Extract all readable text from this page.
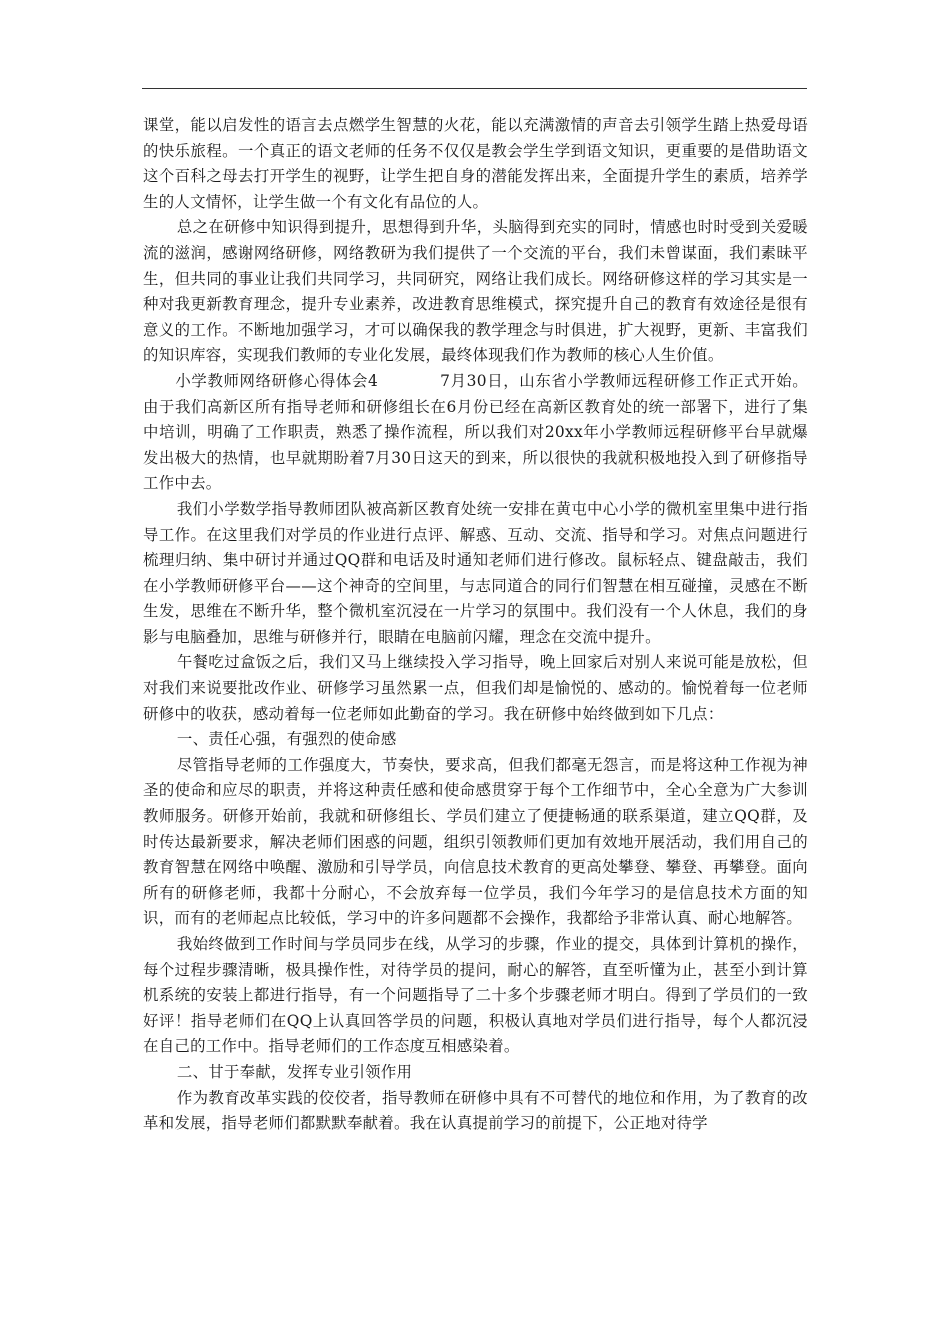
课堂，能以启发性的语言去点燃学生智慧的火花，能以充满激情的声音去引领学生踏上热爱母语的快乐旅程。一个真正的语文老师的任务不仅仅是教会学生学到语文知识，更重要的是借助语文这个百科之母去打开学生的视野，让学生把自身的潜能发挥出来，全面提升学生的素质，培养学生的人文情怀，让学生做一个有文化有品位的人。

总之在研修中知识得到提升，思想得到升华，头脑得到充实的同时，情感也时时受到关爱暖流的滋润，感谢网络研修，网络教研为我们提供了一个交流的平台，我们未曾谋面，我们素昧平生，但共同的事业让我们共同学习，共同研究，网络让我们成长。网络研修这样的学习其实是一种对我更新教育理念，提升专业素养，改进教育思维模式，探究提升自己的教育有效途径是很有意义的工作。不断地加强学习，才可以确保我的教学理念与时俱进，扩大视野，更新、丰富我们的知识库容，实现我们教师的专业化发展，最终体现我们作为教师的核心人生价值。

小学教师网络研修心得体会4	7月30日，山东省小学教师远程研修工作正式开始。由于我们高新区所有指导老师和研修组长在6月份已经在高新区教育处的统一部署下，进行了集中培训，明确了工作职责，熟悉了操作流程，所以我们对20xx年小学教师远程研修平台早就爆发出极大的热情，也早就期盼着7月30日这天的到来，所以很快的我就积极地投入到了研修指导工作中去。

我们小学数学指导教师团队被高新区教育处统一安排在黄屯中心小学的微机室里集中进行指导工作。在这里我们对学员的作业进行点评、解惑、互动、交流、指导和学习。对焦点问题进行梳理归纳、集中研讨并通过QQ群和电话及时通知老师们进行修改。鼠标轻点、键盘敲击，我们在小学教师研修平台——这个神奇的空间里，与志同道合的同行们智慧在相互碰撞，灵感在不断生发，思维在不断升华，整个微机室沉浸在一片学习的氛围中。我们没有一个人休息，我们的身影与电脑叠加，思维与研修并行，眼睛在电脑前闪耀，理念在交流中提升。

午餐吃过盒饭之后，我们又马上继续投入学习指导，晚上回家后对别人来说可能是放松，但对我们来说要批改作业、研修学习虽然累一点，但我们却是愉悦的、感动的。愉悦着每一位老师研修中的收获，感动着每一位老师如此勤奋的学习。我在研修中始终做到如下几点：

一、责任心强，有强烈的使命感

尽管指导老师的工作强度大，节奏快，要求高，但我们都毫无怨言，而是将这种工作视为神圣的使命和应尽的职责，并将这种责任感和使命感贯穿于每个工作细节中，全心全意为广大参训教师服务。研修开始前，我就和研修组长、学员们建立了便捷畅通的联系渠道，建立QQ群，及时传达最新要求，解决老师们困惑的问题，组织引领教师们更加有效地开展活动，我们用自己的教育智慧在网络中唤醒、激励和引导学员，向信息技术教育的更高处攀登、攀登、再攀登。面向所有的研修老师，我都十分耐心，不会放弃每一位学员，我们今年学习的是信息技术方面的知识，而有的老师起点比较低，学习中的许多问题都不会操作，我都给予非常认真、耐心地解答。

我始终做到工作时间与学员同步在线，从学习的步骤，作业的提交，具体到计算机的操作，每个过程步骤清晰，极具操作性，对待学员的提问，耐心的解答，直至听懂为止，甚至小到计算机系统的安装上都进行指导，有一个问题指导了二十多个步骤老师才明白。得到了学员们的一致好评！指导老师们在QQ上认真回答学员的问题，积极认真地对学员们进行指导，每个人都沉浸在自己的工作中。指导老师们的工作态度互相感染着。

二、甘于奉献，发挥专业引领作用

作为教育改革实践的佼佼者，指导教师在研修中具有不可替代的地位和作用，为了教育的改革和发展，指导老师们都默默奉献着。我在认真提前学习的前提下，公正地对待学
